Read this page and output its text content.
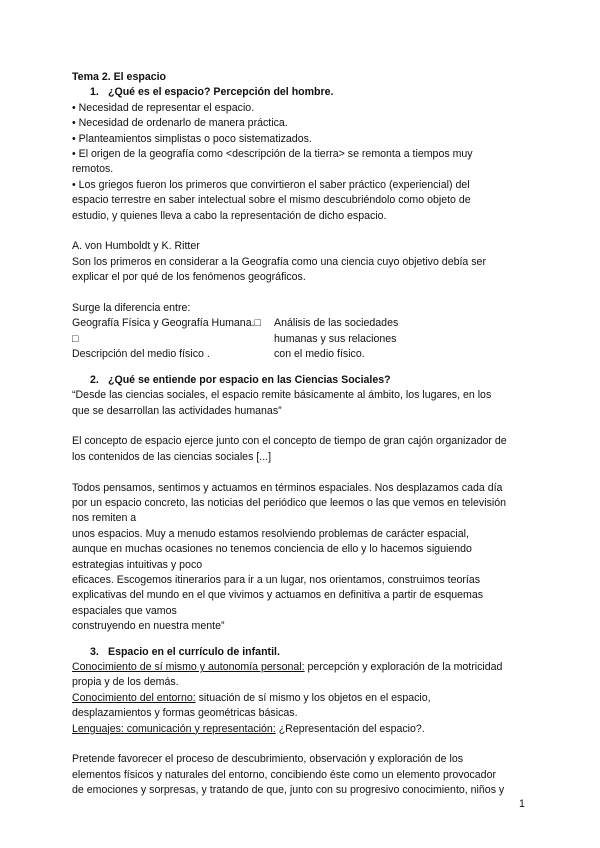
Tema 2. El espacio
1. ¿Qué es el espacio? Percepción del hombre.
• Necesidad de representar el espacio.
• Necesidad de ordenarlo de manera práctica.
• Planteamientos simplistas o poco sistematizados.
• El origen de la geografía como <descripción de la tierra> se remonta a tiempos muy
remotos.
• Los griegos fueron los primeros que convirtieron el saber práctico (experiencial) del
espacio terrestre en saber intelectual sobre el mismo descubriéndolo como objeto de
estudio, y quienes lleva a cabo la representación de dicho espacio.
A. von Humboldt y K. Ritter
Son los primeros en considerar a la Geografía como una ciencia cuyo objetivo debía ser
explicar el por qué de los fenómenos geográficos.
Surge la diferencia entre:
Geografía Física y Geografía Humana.□	Análisis de las sociedades
□	humanas y sus relaciones
Descripción del medio físico .	con el medio físico.
2. ¿Qué se entiende por espacio en las Ciencias Sociales?
“Desde las ciencias sociales, el espacio remite básicamente al ámbito, los lugares, en los
que se desarrollan las actividades humanas”
El concepto de espacio ejerce junto con el concepto de tiempo de gran cajón organizador de
los contenidos de las ciencias sociales [...]
Todos pensamos, sentimos y actuamos en términos espaciales. Nos desplazamos cada día
por un espacio concreto, las noticias del periódico que leemos o las que vemos en televisión
nos remiten a
unos espacios. Muy a menudo estamos resolviendo problemas de carácter espacial,
aunque en muchas ocasiones no tenemos conciencia de ello y lo hacemos siguiendo
estrategias intuitivas y poco
eficaces. Escogemos itinerarios para ir a un lugar, nos orientamos, construimos teorías
explicativas del mundo en el que vivimos y actuamos en definitiva a partir de esquemas
espaciales que vamos
construyendo en nuestra mente”
3. Espacio en el currículo de infantil.
Conocimiento de sí mismo y autonomía personal: percepción y exploración de la motricidad
propia y de los demás.
Conocimiento del entorno: situación de sí mismo y los objetos en el espacio,
desplazamientos y formas geométricas básicas.
Lenguajes: comunicación y representación: ¿Representación del espacio?.
Pretende favorecer el proceso de descubrimiento, observación y exploración de los
elementos físicos y naturales del entorno, concibiendo éste como un elemento provocador
de emociones y sorpresas, y tratando de que, junto con su progresivo conocimiento, niños y
1
